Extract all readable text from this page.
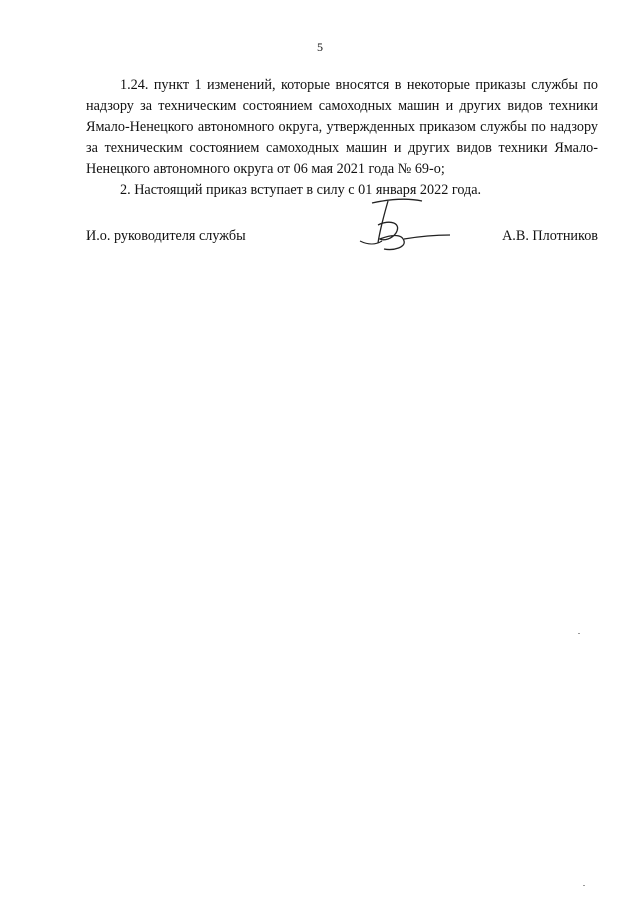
5

1.24. пункт 1 изменений, которые вносятся в некоторые приказы службы по надзору за техническим состоянием самоходных машин и других видов техники Ямало-Ненецкого автономного округа, утвержденных приказом службы по надзору за техническим состоянием самоходных машин и других видов техники Ямало-Ненецкого автономного округа от 06 мая 2021 года № 69-о;

2. Настоящий приказ вступает в силу с 01 января 2022 года.

И.о. руководителя службы	А.В. Плотников
